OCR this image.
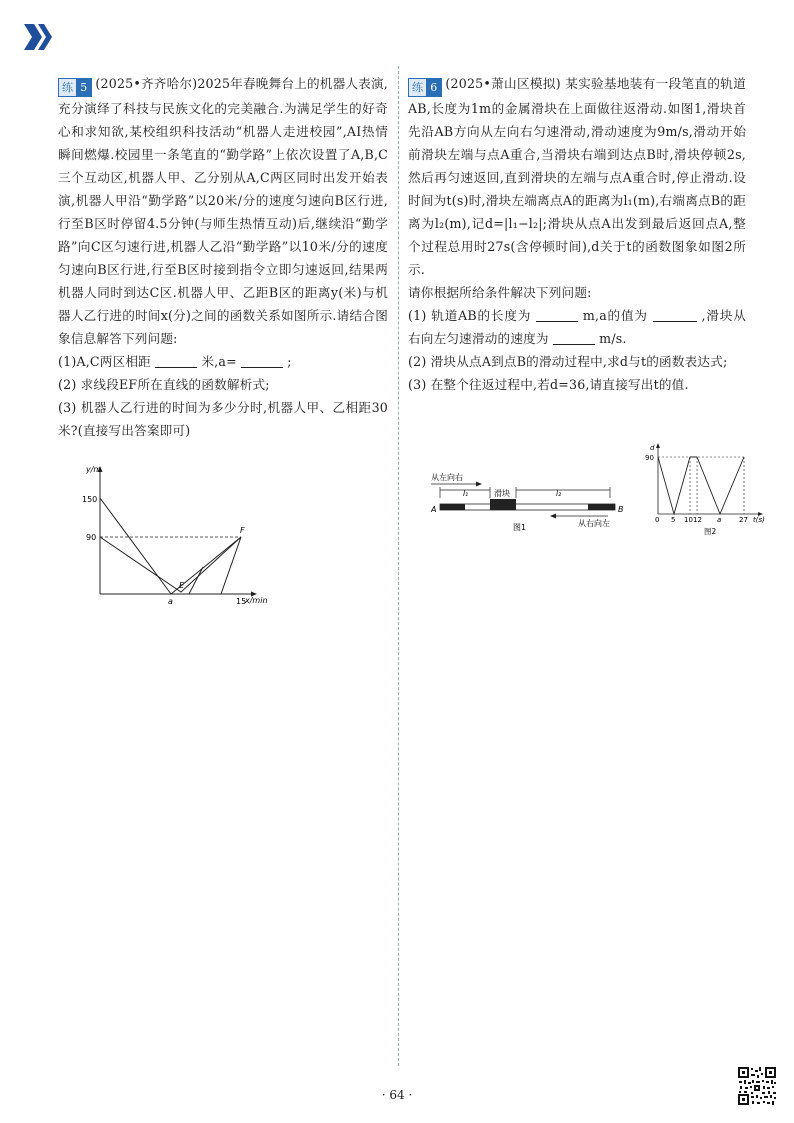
练 5 (2025•齐齐哈尔)2025年春晚舞台上的机器人表演,充分演绎了科技与民族文化的完美融合.为满足学生的好奇心和求知欲,某校组织科技活动“机器人走进校园”,AI热情瞬间燃爆.校园里一条笔直的“勤学路”上依次设置了A,B,C三个互动区,机器人甲、乙分别从A,C两区同时出发开始表演,机器人甲沿“勤学路”以20米/分的速度匀速向B区行进,行至B区时停留4.5分钟(与师生热情互动)后,继续沿“勤学路”向C区匀速行进,机器人乙沿“勤学路”以10米/分的速度匀速向B区行进,行至B区时接到指令立即匀速返回,结果两机器人同时到达C区.机器人甲、乙距B区的距离y(米)与机器人乙行进的时间x(分)之间的函数关系如图所示.请结合图象信息解答下列问题:

(1)A,C两区相距	米,a=	;

(2) 求线段EF所在直线的函数解析式;

(3) 机器人乙行进的时间为多少分时,机器人甲、乙相距30米?(直接写出答案即可)

y/m
x/min
150
90
a	15
E
F

练 6 (2025•萧山区模拟) 某实验基地装有一段笔直的轨道AB,长度为1m的金属滑块在上面做往返滑动.如图1,滑块首先沿AB方向从左向右匀速滑动,滑动速度为9m/s,滑动开始前滑块左端与点A重合,当滑块右端到达点B时,滑块停顿2s,然后再匀速返回,直到滑块的左端与点A重合时,停止滑动.设时间为t(s)时,滑块左端离点A的距离为l₁(m),右端离点B的距离为l₂(m),记d=|l₁−l₂|;滑块从点A出发到最后返回点A,整个过程总用时27s(含停顿时间),d关于t的函数图象如图2所示.

请你根据所给条件解决下列问题:

(1) 轨道AB的长度为	m,a的值为	,滑块从右向左匀速滑动的速度为	m/s.

(2) 滑块从点A到点B的滑动过程中,求d与t的函数表达式;

(3) 在整个往返过程中,若d=36,请直接写出t的值.

从左向右
l₁	滑块	l₂
A	B
从右向左
图1
d
90
0 5 10 12 a	27 t(s)
图2
· 64 ·
